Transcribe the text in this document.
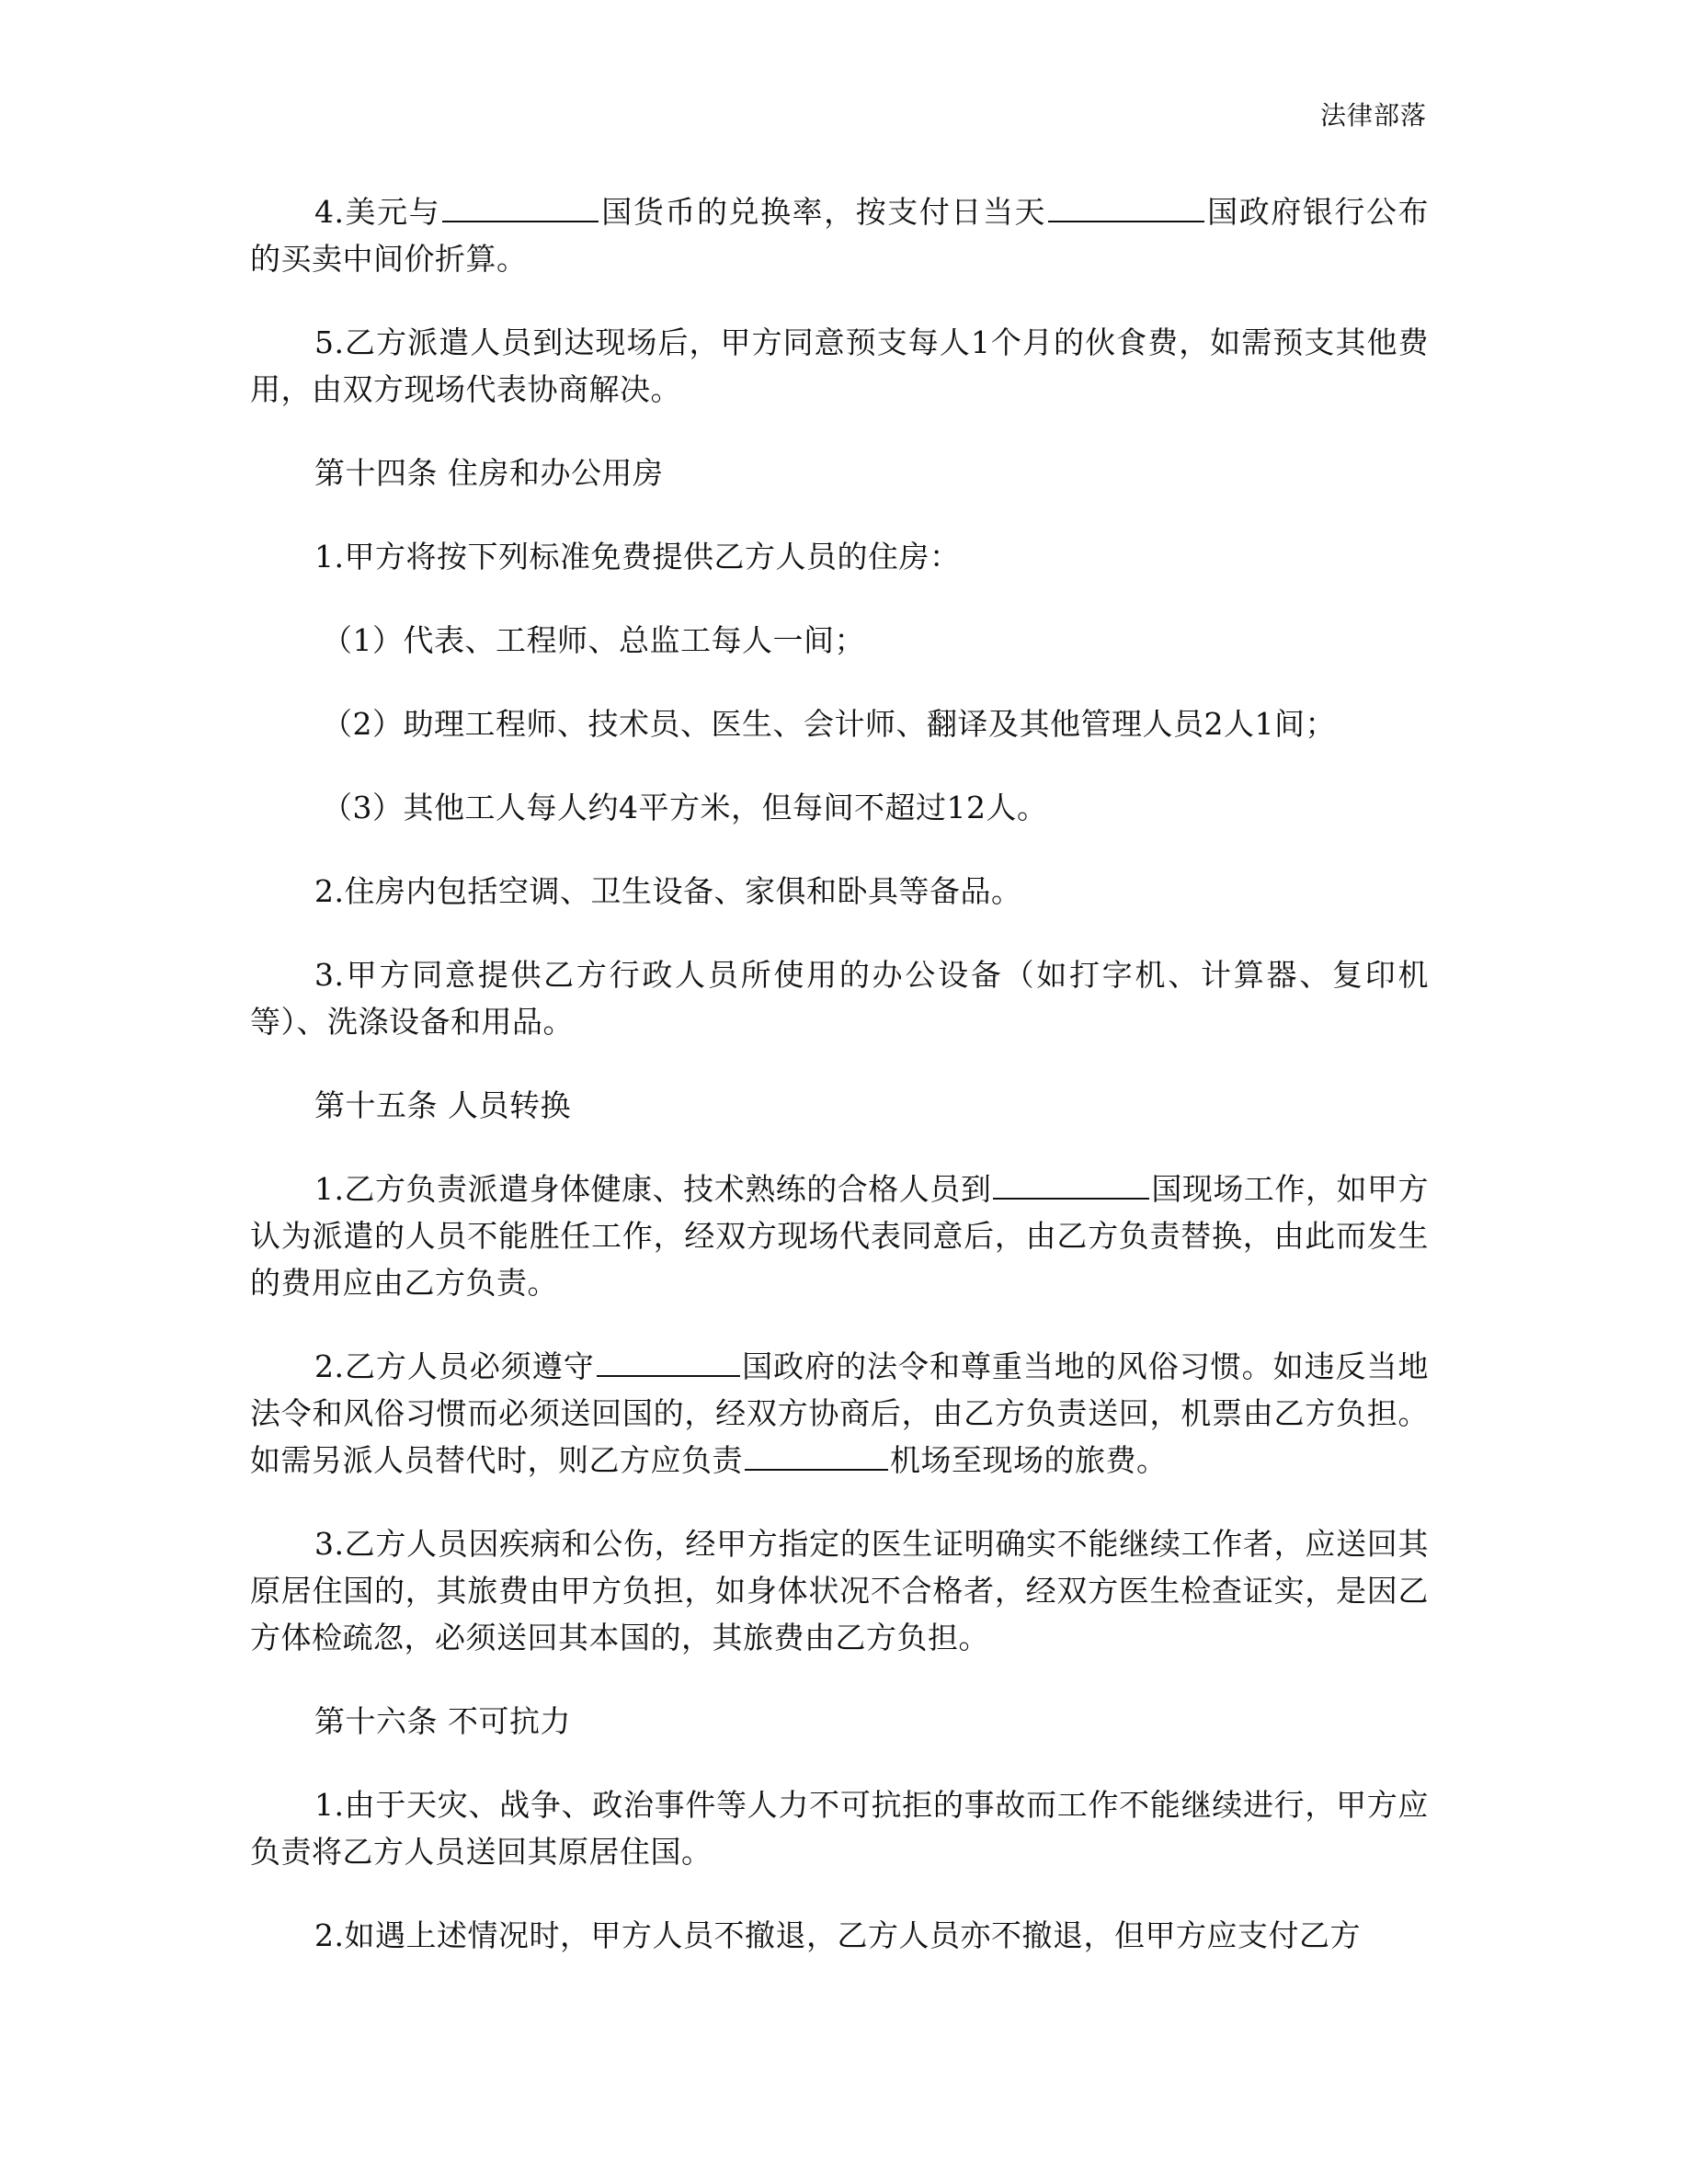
法律部落

4.美元与	国货币的兑换率，按支付日当天	国政府银行公布的买卖中间价折算。

5.乙方派遣人员到达现场后，甲方同意预支每人1个月的伙食费，如需预支其他费用，由双方现场代表协商解决。

第十四条 住房和办公用房

1.甲方将按下列标准免费提供乙方人员的住房：

（1）代表、工程师、总监工每人一间；

（2）助理工程师、技术员、医生、会计师、翻译及其他管理人员2人1间；

（3）其他工人每人约4平方米，但每间不超过12人。

2.住房内包括空调、卫生设备、家俱和卧具等备品。

3.甲方同意提供乙方行政人员所使用的办公设备（如打字机、计算器、复印机等）、洗涤设备和用品。

第十五条 人员转换

1.乙方负责派遣身体健康、技术熟练的合格人员到	国现场工作，如甲方认为派遣的人员不能胜任工作，经双方现场代表同意后，由乙方负责替换，由此而发生的费用应由乙方负责。

2.乙方人员必须遵守	国政府的法令和尊重当地的风俗习惯。如违反当地法令和风俗习惯而必须送回国的，经双方协商后，由乙方负责送回，机票由乙方负担。如需另派人员替代时，则乙方应负责	机场至现场的旅费。

3.乙方人员因疾病和公伤，经甲方指定的医生证明确实不能继续工作者，应送回其原居住国的，其旅费由甲方负担，如身体状况不合格者，经双方医生检查证实，是因乙方体检疏忽，必须送回其本国的，其旅费由乙方负担。

第十六条 不可抗力

1.由于天灾、战争、政治事件等人力不可抗拒的事故而工作不能继续进行，甲方应负责将乙方人员送回其原居住国。

2.如遇上述情况时，甲方人员不撤退，乙方人员亦不撤退，但甲方应支付乙方
